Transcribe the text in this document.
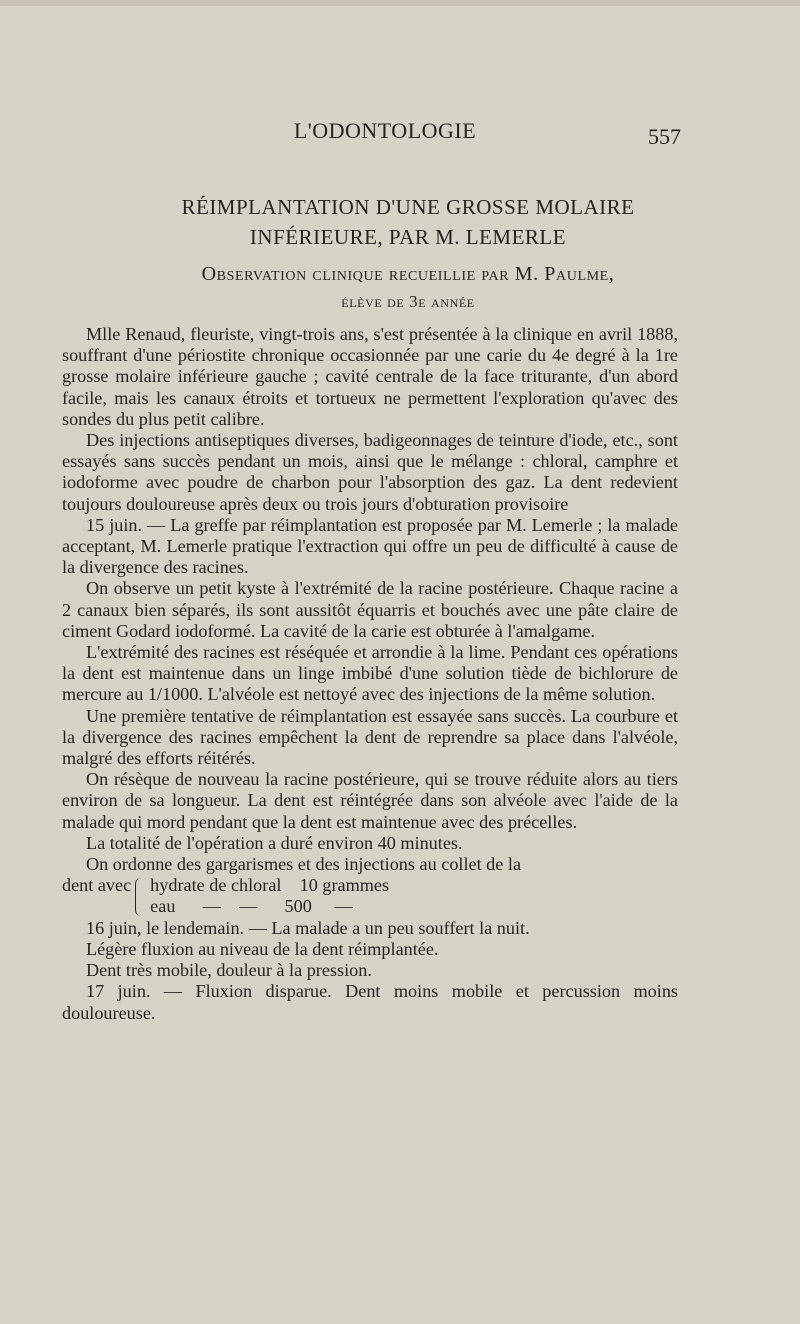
L'ODONTOLOGIE	557
RÉIMPLANTATION D'UNE GROSSE MOLAIRE
INFÉRIEURE, PAR M. LEMERLE
Observation clinique recueillie par M. Paulme,
élève de 3e année

Mlle Renaud, fleuriste, vingt-trois ans, s'est présentée à la clinique en avril 1888, souffrant d'une périostite chronique occasionnée par une carie du 4e degré à la 1re grosse molaire inférieure gauche ; cavité centrale de la face triturante, d'un abord facile, mais les canaux étroits et tortueux ne permettent l'exploration qu'avec des sondes du plus petit calibre.

Des injections antiseptiques diverses, badigeonnages de teinture d'iode, etc., sont essayés sans succès pendant un mois, ainsi que le mélange : chloral, camphre et iodoforme avec poudre de charbon pour l'absorption des gaz. La dent redevient toujours douloureuse après deux ou trois jours d'obturation provisoire

15 juin. — La greffe par réimplantation est proposée par M. Lemerle ; la malade acceptant, M. Lemerle pratique l'extraction qui offre un peu de difficulté à cause de la divergence des racines.

On observe un petit kyste à l'extrémité de la racine postérieure. Chaque racine a 2 canaux bien séparés, ils sont aussitôt équarris et bouchés avec une pâte claire de ciment Godard iodoformé. La cavité de la carie est obturée à l'amalgame.

L'extrémité des racines est réséquée et arrondie à la lime. Pendant ces opérations la dent est maintenue dans un linge imbibé d'une solution tiède de bichlorure de mercure au 1/1000. L'alvéole est nettoyé avec des injections de la même solution.

Une première tentative de réimplantation est essayée sans succès. La courbure et la divergence des racines empêchent la dent de reprendre sa place dans l'alvéole, malgré des efforts réitérés.

On résèque de nouveau la racine postérieure, qui se trouve réduite alors au tiers environ de sa longueur. La dent est réintégrée dans son alvéole avec l'aide de la malade qui mord pendant que la dent est maintenue avec des précelles.

La totalité de l'opération a duré environ 40 minutes.

On ordonne des gargarismes et des injections au collet de la

dent avec hydrate de chloral    10 grammes
eau      —    —      500     —

16 juin, le lendemain. — La malade a un peu souffert la nuit.

Légère fluxion au niveau de la dent réimplantée.

Dent très mobile, douleur à la pression.

17 juin. — Fluxion disparue. Dent moins mobile et percussion moins douloureuse.
